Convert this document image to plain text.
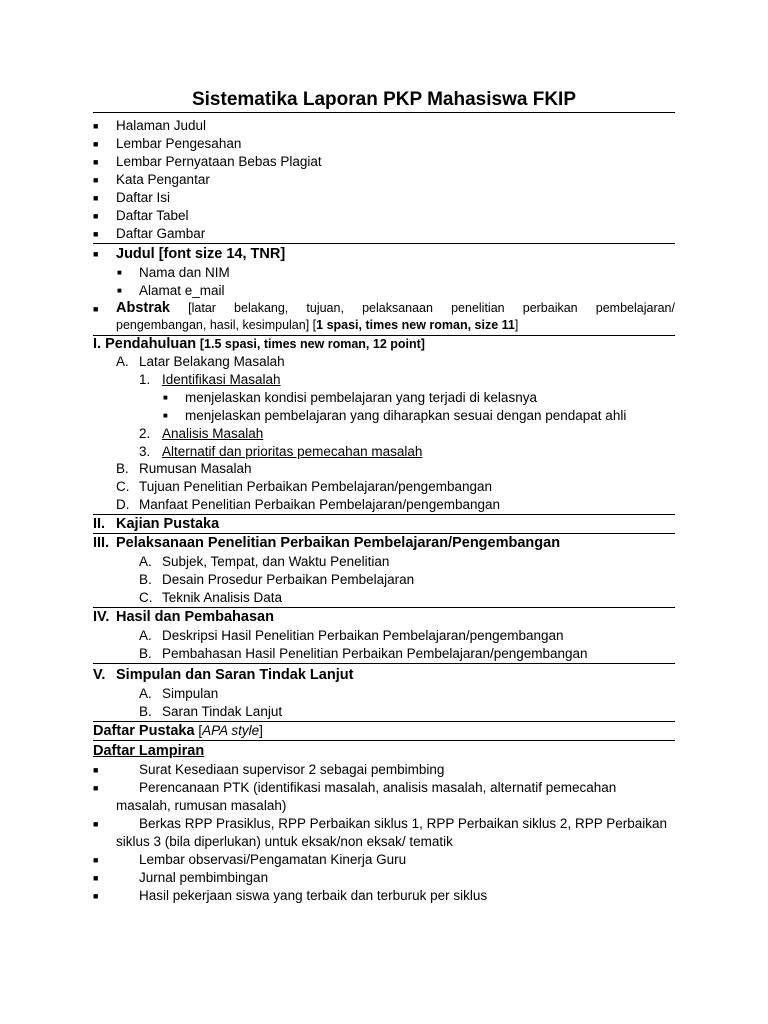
Sistematika Laporan PKP Mahasiswa FKIP
■ Halaman Judul
■ Lembar Pengesahan
■ Lembar Pernyataan Bebas Plagiat
■ Kata Pengantar
■ Daftar Isi
■ Daftar Tabel
■ Daftar Gambar
■ Judul [font size 14, TNR]
■ Nama dan NIM
■ Alamat e_mail
■ Abstrak [latar belakang, tujuan, pelaksanaan penelitian perbaikan pembelajaran/
pengembangan, hasil, kesimpulan] [1 spasi, times new roman, size 11]
I. Pendahuluan [1.5 spasi, times new roman, 12 point]
A. Latar Belakang Masalah
1. Identifikasi Masalah
■ menjelaskan kondisi pembelajaran yang terjadi di kelasnya
■ menjelaskan pembelajaran yang diharapkan sesuai dengan pendapat ahli
2. Analisis Masalah
3. Alternatif dan prioritas pemecahan masalah
B. Rumusan Masalah
C. Tujuan Penelitian Perbaikan Pembelajaran/pengembangan
D. Manfaat Penelitian Perbaikan Pembelajaran/pengembangan
II. Kajian Pustaka
III. Pelaksanaan Penelitian Perbaikan Pembelajaran/Pengembangan
A. Subjek, Tempat, dan Waktu Penelitian
B. Desain Prosedur Perbaikan Pembelajaran
C. Teknik Analisis Data
IV. Hasil dan Pembahasan
A. Deskripsi Hasil Penelitian Perbaikan Pembelajaran/pengembangan
B. Pembahasan Hasil Penelitian Perbaikan Pembelajaran/pengembangan
V. Simpulan dan Saran Tindak Lanjut
A. Simpulan
B. Saran Tindak Lanjut
Daftar Pustaka [APA style]
Daftar Lampiran
■	Surat Kesediaan supervisor 2 sebagai pembimbing
■	Perencanaan PTK (identifikasi masalah, analisis masalah, alternatif pemecahan
masalah, rumusan masalah)
■	Berkas RPP Prasiklus, RPP Perbaikan siklus 1, RPP Perbaikan siklus 2, RPP Perbaikan
siklus 3 (bila diperlukan) untuk eksak/non eksak/ tematik
■	Lembar observasi/Pengamatan Kinerja Guru
■	Jurnal pembimbingan
■	Hasil pekerjaan siswa yang terbaik dan terburuk per siklus
